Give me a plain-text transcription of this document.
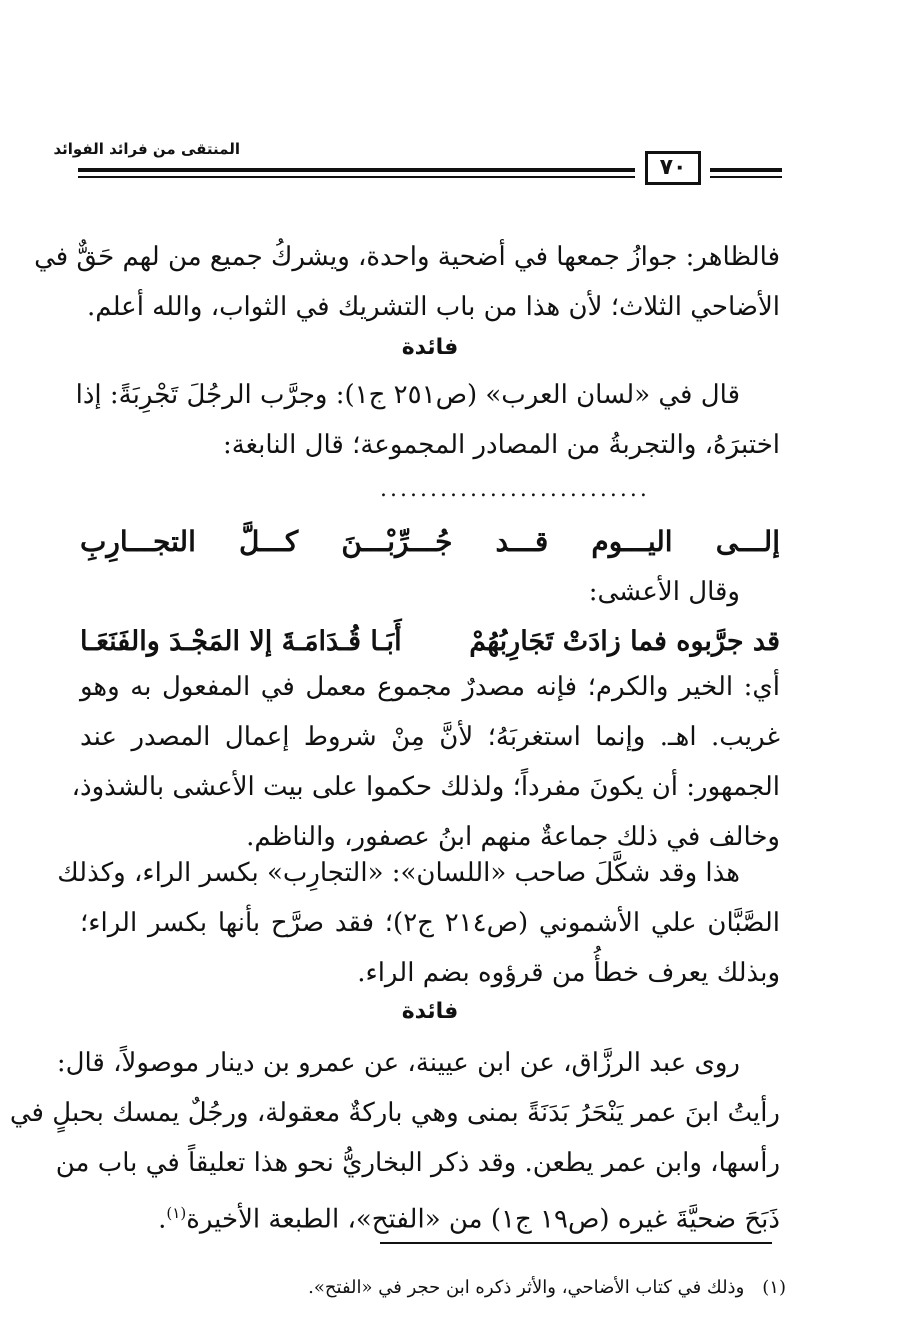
المنتقى من فرائد الفوائد
٧٠
فالظاهر: جوازُ جمعها في أضحية واحدة، ويشركُ جميع من لهم حَقٌّ في
الأضاحي الثلاث؛ لأن هذا من باب التشريك في الثواب، والله أعلم.
فائدة
قال في «لسان العرب» (ص٢٥١ ج١): وجرَّب الرجُلَ تَجْرِبَةً: إذا
اختبرَهُ، والتجربةُ من المصادر المجموعة؛ قال النابغة:
...........................
إلـــى اليـــوم قـــد جُـــرِّبْـــنَ كـــلَّ التجـــارِبِ
وقال الأعشى:
قد جرَّبوه فما زادَتْ تَجَارِبُهُمْ
أَبَـا قُـدَامَـةَ إلا المَجْـدَ والفَنَعَـا
أي: الخير والكرم؛ فإنه مصدرٌ مجموع معمل في المفعول به وهو
غريب. اهـ. وإنما استغربَهُ؛ لأنَّ مِنْ شروط إعمال المصدر عند
الجمهور: أن يكونَ مفرداً؛ ولذلك حكموا على بيت الأعشى بالشذوذ،
وخالف في ذلك جماعةٌ منهم ابنُ عصفور، والناظم.
هذا وقد شكَّلَ صاحب «اللسان»: «التجارِب» بكسر الراء، وكذلك
الصَّبَّان علي الأشموني (ص٢١٤ ج٢)؛ فقد صرَّح بأنها بكسر الراء؛
وبذلك يعرف خطأُ من قرؤوه بضم الراء.
فائدة
روى عبد الرزَّاق، عن ابن عيينة، عن عمرو بن دينار موصولاً، قال:
رأيتُ ابنَ عمر يَنْحَرُ بَدَنَةً بمنى وهي باركةٌ معقولة، ورجُلٌ يمسك بحبلٍ في
رأسها، وابن عمر يطعن. وقد ذكر البخاريُّ نحو هذا تعليقاً في باب من
ذَبَحَ ضحيَّةَ غيره (ص١٩ ج١) من «الفتح»، الطبعة الأخيرة$^{(١)}$.
(١)وذلك في كتاب الأضاحي، والأثر ذكره ابن حجر في «الفتح».
